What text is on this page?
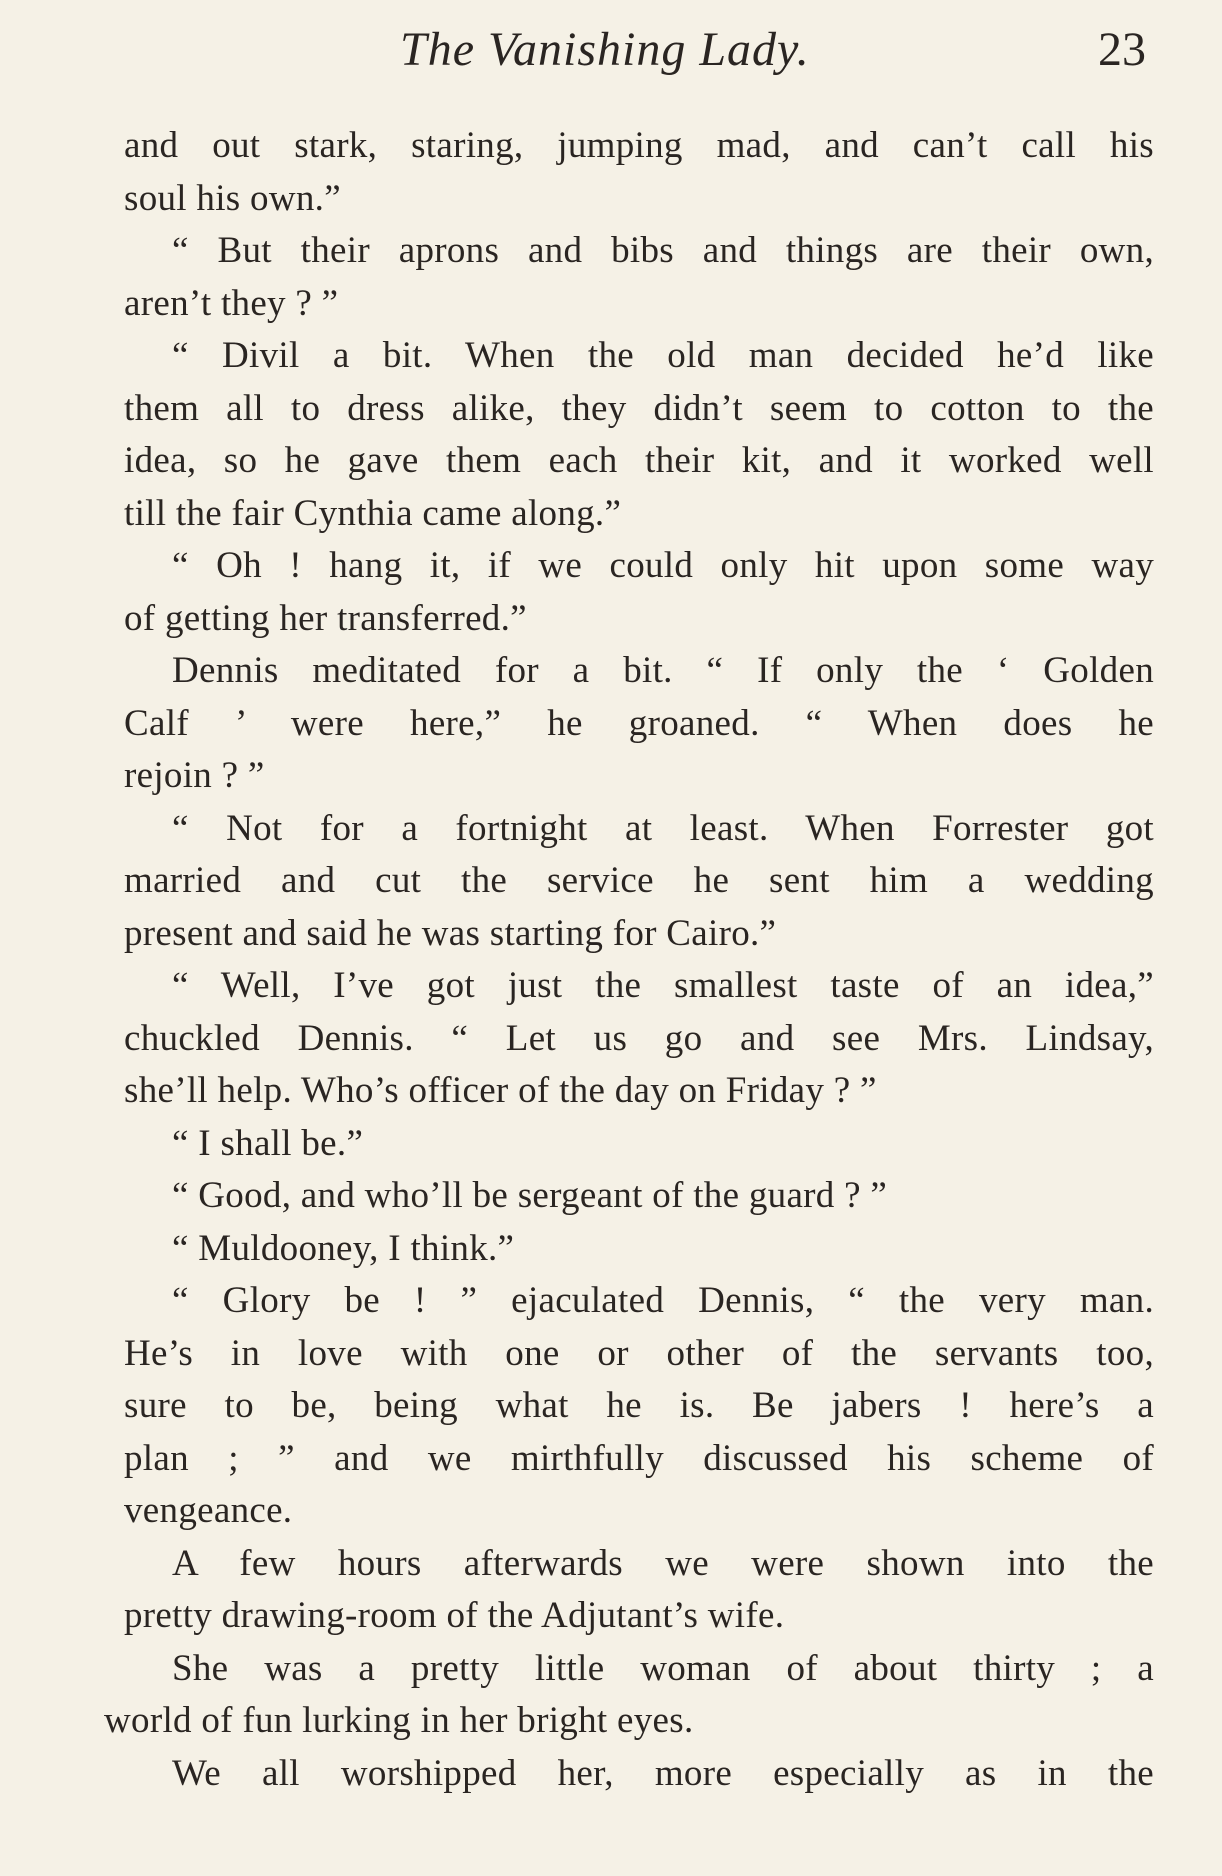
The Vanishing Lady.	23
and out stark, staring, jumping mad, and can’t call his
soul his own.”
“ But their aprons and bibs and things are their own,
aren’t they ? ”
“ Divil a bit. When the old man decided he’d like
them all to dress alike, they didn’t seem to cotton to the
idea, so he gave them each their kit, and it worked well
till the fair Cynthia came along.”
“ Oh ! hang it, if we could only hit upon some way
of getting her transferred.”
Dennis meditated for a bit. “ If only the ‘ Golden
Calf ’ were here,” he groaned. “ When does he
rejoin ? ”
“ Not for a fortnight at least. When Forrester got
married and cut the service he sent him a wedding
present and said he was starting for Cairo.”
“ Well, I’ve got just the smallest taste of an idea,”
chuckled Dennis. “ Let us go and see Mrs. Lindsay,
she’ll help. Who’s officer of the day on Friday ? ”
“ I shall be.”
“ Good, and who’ll be sergeant of the guard ? ”
“ Muldooney, I think.”
“ Glory be ! ” ejaculated Dennis, “ the very man.
He’s in love with one or other of the servants too,
sure to be, being what he is. Be jabers ! here’s a
plan ; ” and we mirthfully discussed his scheme of
vengeance.
A few hours afterwards we were shown into the
pretty drawing-room of the Adjutant’s wife.
She was a pretty little woman of about thirty ; a
world of fun lurking in her bright eyes.
We all worshipped her, more especially as in the
